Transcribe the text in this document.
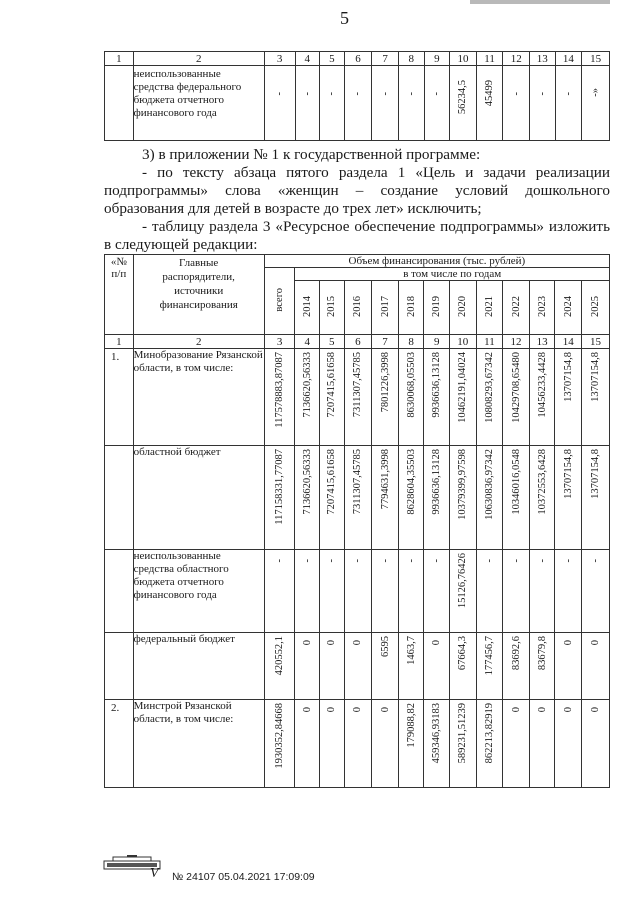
5
1	2	3	4	5	6	7	8	9	10	11	12	13	14	15
	неиспользованные средства федерального бюджета отчетного финансового года	-	-	-	-	-	-	-	56234,5	45499	-	-	-	-»
3) в приложении № 1 к государственной программе:
- по тексту абзаца пятого раздела 1 «Цель и задачи реализации
подпрограммы» слова «женщин – создание условий дошкольного
образования для детей в возрасте до трех лет» исключить;
- таблицу раздела 3 «Ресурсное обеспечение подпрограммы» изложить
в следующей редакции:
«№ п/п	Главные распорядители, источники финансирования	Объем финансирования (тыс. рублей)												
		всего	в том числе по годам											
			2014	2015	2016	2017	2018	2019	2020	2021	2022	2023	2024	2025
1	2	3	4	5	6	7	8	9	10	11	12	13	14	15
1.	Минобразование Рязанской области, в том числе:	117578883,87087	7136620,56333	7207415,61658	7311307,45785	7801226,3998	8630068,05503	9936636,13128	10462191,04024	10808293,67342	10429708,65480	10456233,4428	13707154,8	13707154,8
	областной бюджет	117158331,77087	7136620,56333	7207415,61658	7311307,45785	7794631,3998	8628604,35503	9936636,13128	10379399,97598	10630836,97342	10346016,0548	10372553,6428	13707154,8	13707154,8
	неиспользованные средства областного бюджета отчетного финансового года	-	-	-	-	-	-	-	15126,76426	-	-	-	-	-
	федеральный бюджет	420552,1	0	0	0	6595	1463,7	0	67664,3	177456,7	83692,6	83679,8	0	0
2.	Минстрой Рязанской области, в том числе:	1930352,84668	0	0	0	0	179088,82	459346,93183	589231,51239	862213,82919	0	0	0	0
V № 24107 05.04.2021 17:09:09
